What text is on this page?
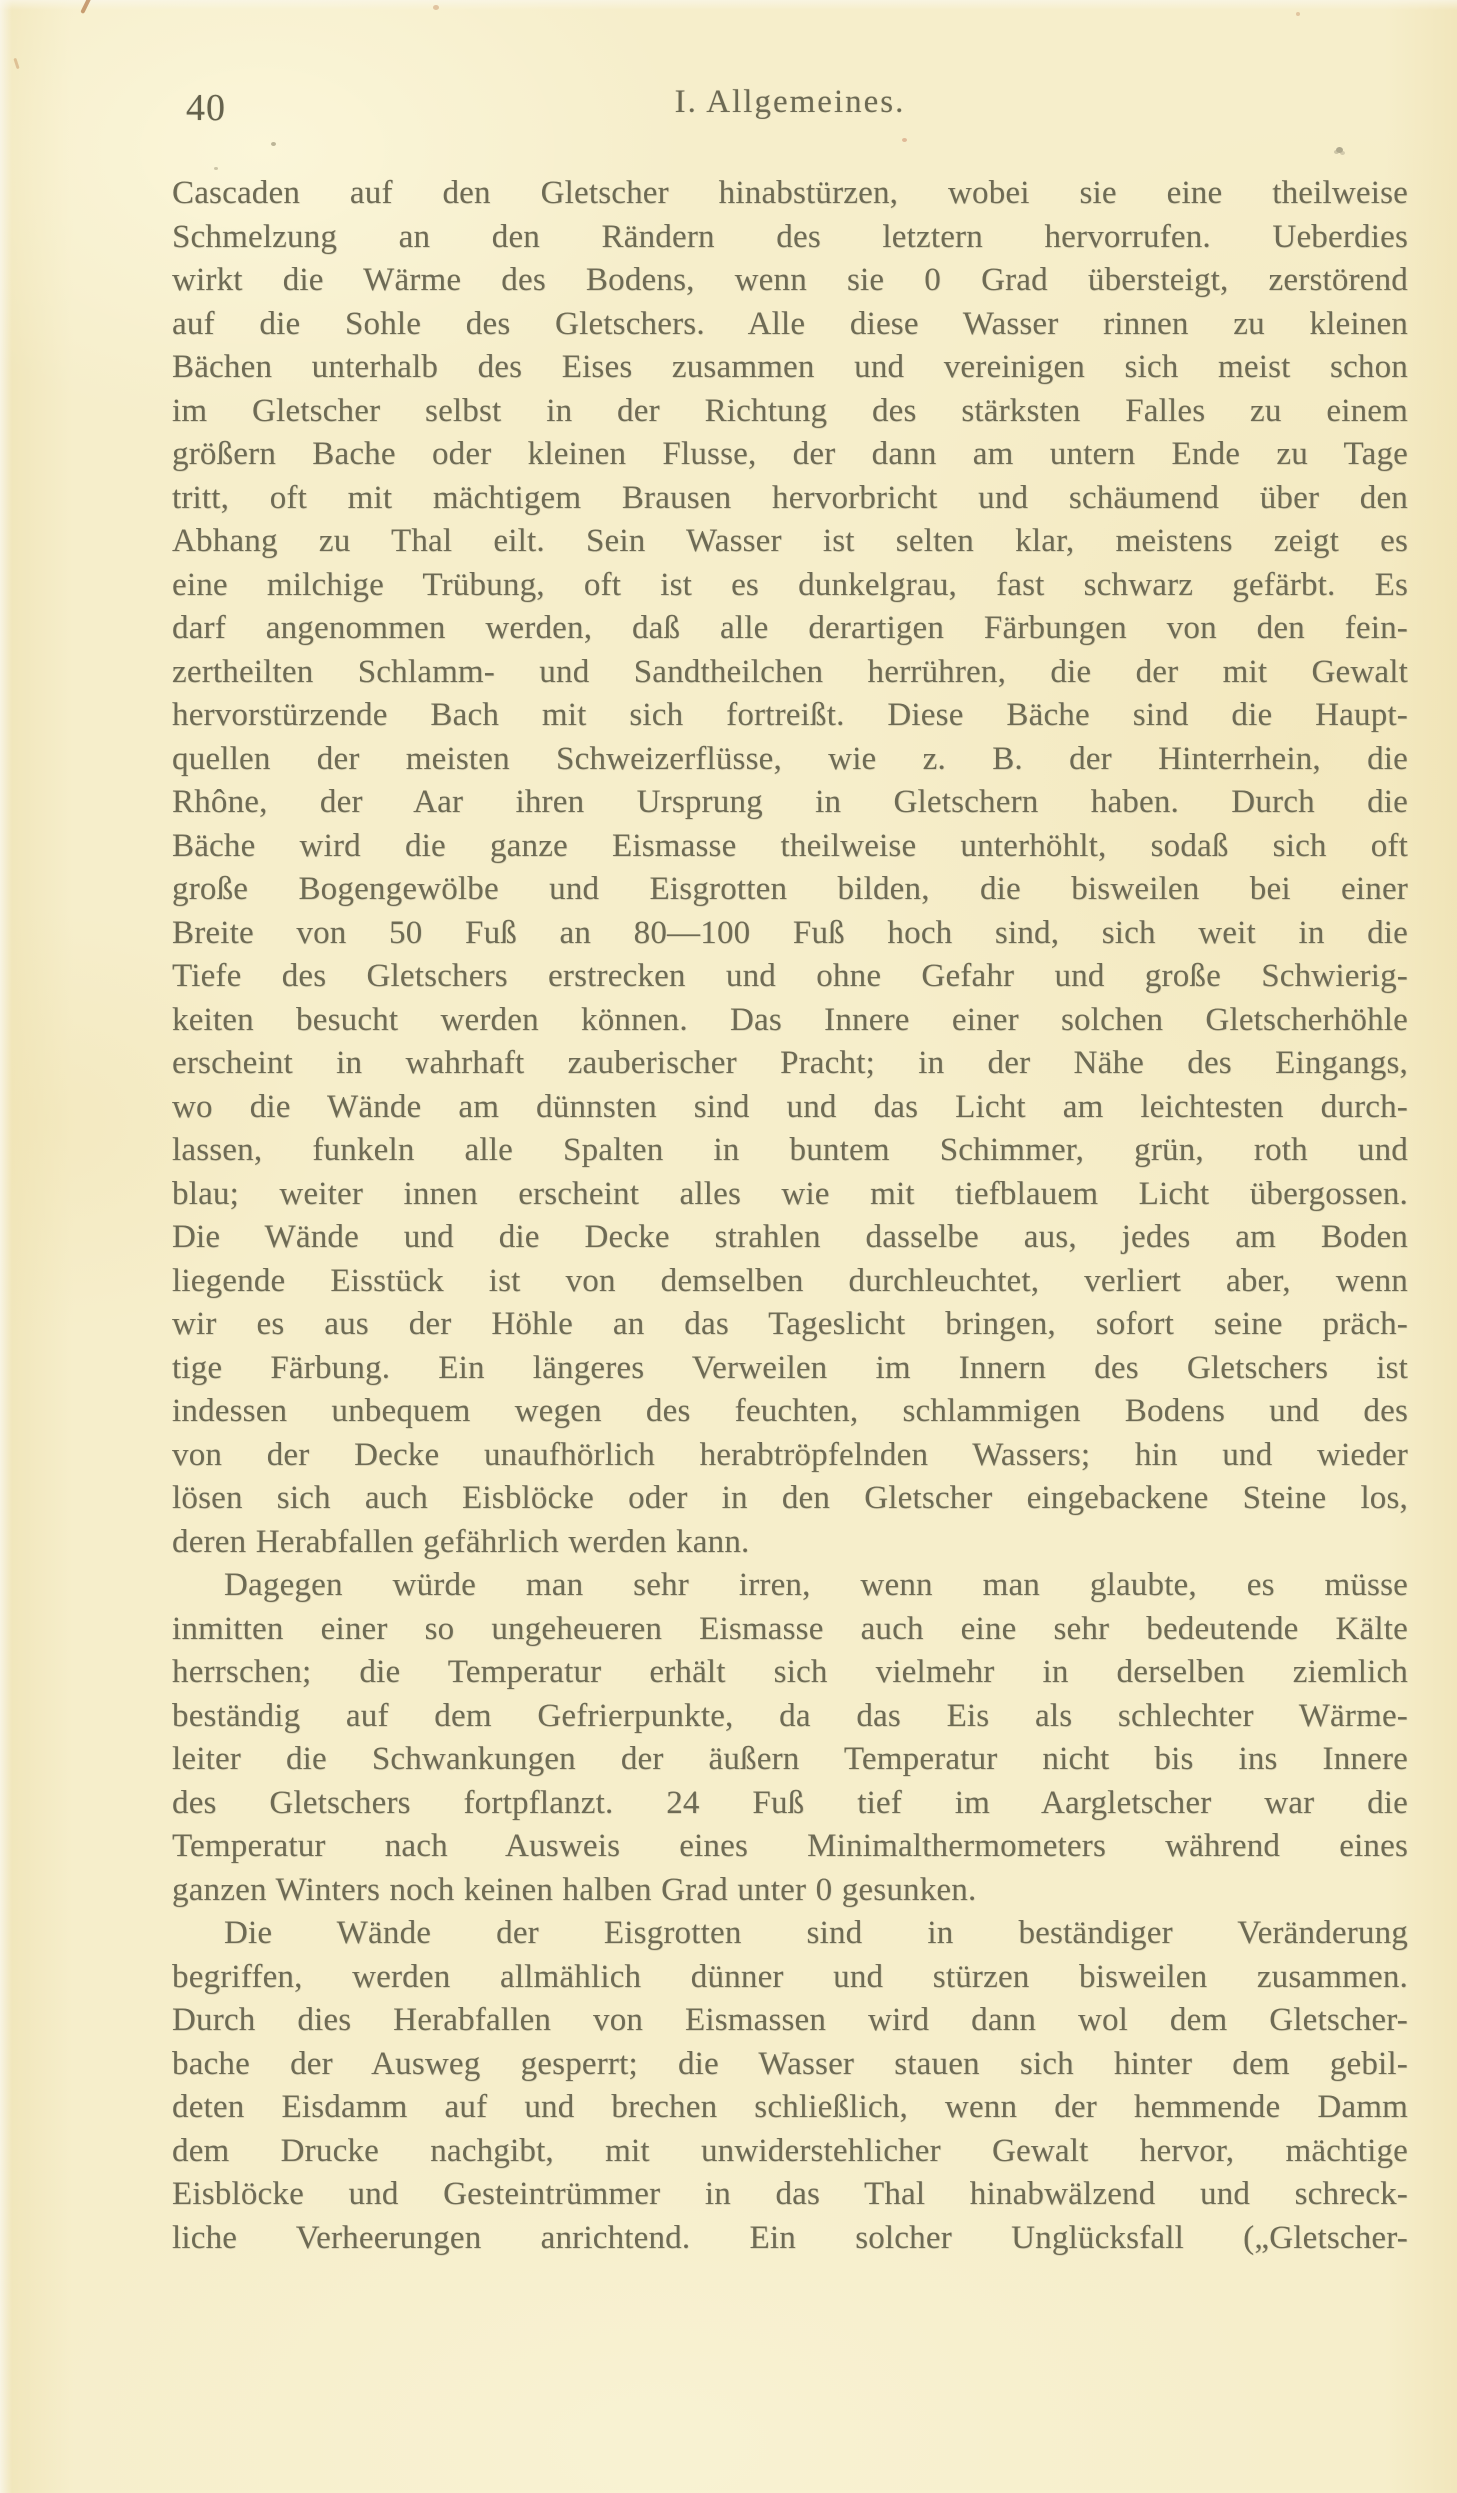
40	I. Allgemeines.
Cascaden auf den Gletscher hinabstürzen, wobei sie eine theilweise
Schmelzung an den Rändern des letztern hervorrufen. Ueberdies
wirkt die Wärme des Bodens, wenn sie 0 Grad übersteigt, zerstörend
auf die Sohle des Gletschers. Alle diese Wasser rinnen zu kleinen
Bächen unterhalb des Eises zusammen und vereinigen sich meist schon
im Gletscher selbst in der Richtung des stärksten Falles zu einem
größern Bache oder kleinen Flusse, der dann am untern Ende zu Tage
tritt, oft mit mächtigem Brausen hervorbricht und schäumend über den
Abhang zu Thal eilt. Sein Wasser ist selten klar, meistens zeigt es
eine milchige Trübung, oft ist es dunkelgrau, fast schwarz gefärbt. Es
darf angenommen werden, daß alle derartigen Färbungen von den fein-
zertheilten Schlamm- und Sandtheilchen herrühren, die der mit Gewalt
hervorstürzende Bach mit sich fortreißt. Diese Bäche sind die Haupt-
quellen der meisten Schweizerflüsse, wie z. B. der Hinterrhein, die
Rhône, der Aar ihren Ursprung in Gletschern haben. Durch die
Bäche wird die ganze Eismasse theilweise unterhöhlt, sodaß sich oft
große Bogengewölbe und Eisgrotten bilden, die bisweilen bei einer
Breite von 50 Fuß an 80—100 Fuß hoch sind, sich weit in die
Tiefe des Gletschers erstrecken und ohne Gefahr und große Schwierig-
keiten besucht werden können. Das Innere einer solchen Gletscherhöhle
erscheint in wahrhaft zauberischer Pracht; in der Nähe des Eingangs,
wo die Wände am dünnsten sind und das Licht am leichtesten durch-
lassen, funkeln alle Spalten in buntem Schimmer, grün, roth und
blau; weiter innen erscheint alles wie mit tiefblauem Licht übergossen.
Die Wände und die Decke strahlen dasselbe aus, jedes am Boden
liegende Eisstück ist von demselben durchleuchtet, verliert aber, wenn
wir es aus der Höhle an das Tageslicht bringen, sofort seine präch-
tige Färbung. Ein längeres Verweilen im Innern des Gletschers ist
indessen unbequem wegen des feuchten, schlammigen Bodens und des
von der Decke unaufhörlich herabtröpfelnden Wassers; hin und wieder
lösen sich auch Eisblöcke oder in den Gletscher eingebackene Steine los,
deren Herabfallen gefährlich werden kann.
Dagegen würde man sehr irren, wenn man glaubte, es müsse
inmitten einer so ungeheueren Eismasse auch eine sehr bedeutende Kälte
herrschen; die Temperatur erhält sich vielmehr in derselben ziemlich
beständig auf dem Gefrierpunkte, da das Eis als schlechter Wärme-
leiter die Schwankungen der äußern Temperatur nicht bis ins Innere
des Gletschers fortpflanzt. 24 Fuß tief im Aargletscher war die
Temperatur nach Ausweis eines Minimalthermometers während eines
ganzen Winters noch keinen halben Grad unter 0 gesunken.
Die Wände der Eisgrotten sind in beständiger Veränderung
begriffen, werden allmählich dünner und stürzen bisweilen zusammen.
Durch dies Herabfallen von Eismassen wird dann wol dem Gletscher-
bache der Ausweg gesperrt; die Wasser stauen sich hinter dem gebil-
deten Eisdamm auf und brechen schließlich, wenn der hemmende Damm
dem Drucke nachgibt, mit unwiderstehlicher Gewalt hervor, mächtige
Eisblöcke und Gesteintrümmer in das Thal hinabwälzend und schreck-
liche Verheerungen anrichtend. Ein solcher Unglücksfall („Gletscher-
